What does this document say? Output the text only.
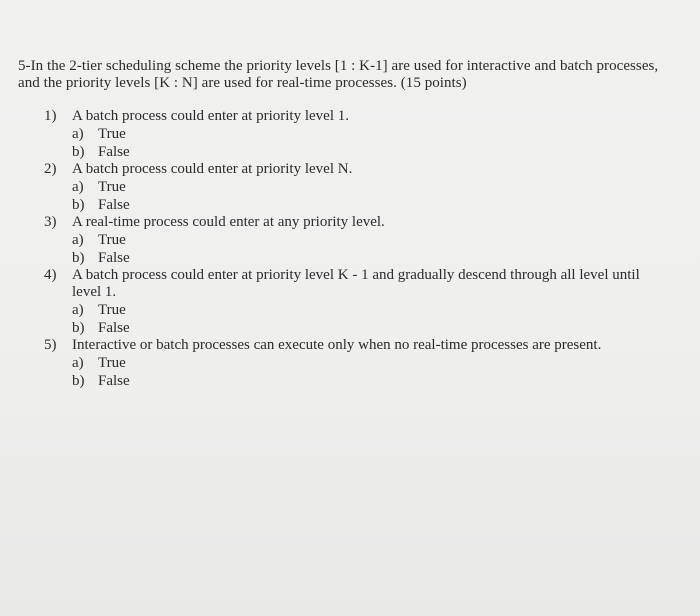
5-In the 2-tier scheduling scheme the priority levels [1 : K-1] are used for interactive and batch processes,
and the priority levels [K : N] are used for real-time processes. (15 points)
1)	A batch process could enter at priority level 1.
a) True
b) False
2)	A batch process could enter at priority level N.
a) True
b) False
3)	A real-time process could enter at any priority level.
a) True
b) False
4)	A batch process could enter at priority level K - 1 and gradually descend through all level until
level 1.
a) True
b) False
5)	Interactive or batch processes can execute only when no real-time processes are present.
a) True
b) False
